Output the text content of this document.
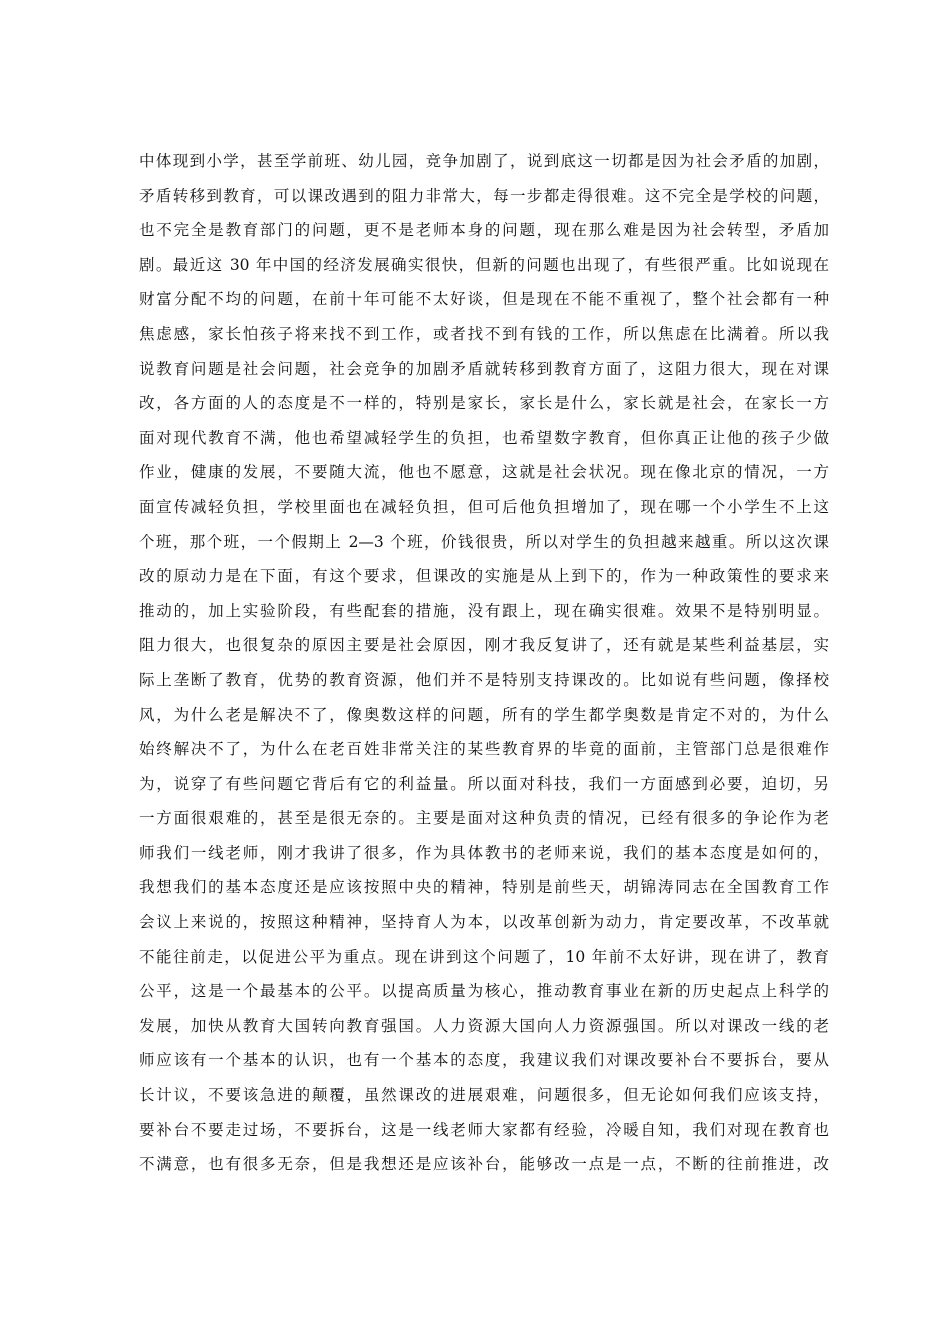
中体现到小学，甚至学前班、幼儿园，竞争加剧了，说到底这一切都是因为社会矛盾的加剧，
矛盾转移到教育，可以课改遇到的阻力非常大，每一步都走得很难。这不完全是学校的问题，
也不完全是教育部门的问题，更不是老师本身的问题，现在那么难是因为社会转型，矛盾加
剧。最近这 30 年中国的经济发展确实很快，但新的问题也出现了，有些很严重。比如说现在
财富分配不均的问题，在前十年可能不太好谈，但是现在不能不重视了，整个社会都有一种
焦虑感，家长怕孩子将来找不到工作，或者找不到有钱的工作，所以焦虑在比满着。所以我
说教育问题是社会问题，社会竞争的加剧矛盾就转移到教育方面了，这阻力很大，现在对课
改，各方面的人的态度是不一样的，特别是家长，家长是什么，家长就是社会，在家长一方
面对现代教育不满，他也希望减轻学生的负担，也希望数字教育，但你真正让他的孩子少做
作业，健康的发展，不要随大流，他也不愿意，这就是社会状况。现在像北京的情况，一方
面宣传减轻负担，学校里面也在减轻负担，但可后他负担增加了，现在哪一个小学生不上这
个班，那个班，一个假期上 2—3 个班，价钱很贵，所以对学生的负担越来越重。所以这次课
改的原动力是在下面，有这个要求，但课改的实施是从上到下的，作为一种政策性的要求来
推动的，加上实验阶段，有些配套的措施，没有跟上，现在确实很难。效果不是特别明显。
阻力很大，也很复杂的原因主要是社会原因，刚才我反复讲了，还有就是某些利益基层，实
际上垄断了教育，优势的教育资源，他们并不是特别支持课改的。比如说有些问题，像择校
风，为什么老是解决不了，像奥数这样的问题，所有的学生都学奥数是肯定不对的，为什么
始终解决不了，为什么在老百姓非常关注的某些教育界的毕竟的面前，主管部门总是很难作
为，说穿了有些问题它背后有它的利益量。所以面对科技，我们一方面感到必要，迫切，另
一方面很艰难的，甚至是很无奈的。主要是面对这种负责的情况，已经有很多的争论作为老
师我们一线老师，刚才我讲了很多，作为具体教书的老师来说，我们的基本态度是如何的，
我想我们的基本态度还是应该按照中央的精神，特别是前些天，胡锦涛同志在全国教育工作
会议上来说的，按照这种精神，坚持育人为本，以改革创新为动力，肯定要改革，不改革就
不能往前走，以促进公平为重点。现在讲到这个问题了，10 年前不太好讲，现在讲了，教育
公平，这是一个最基本的公平。以提高质量为核心，推动教育事业在新的历史起点上科学的
发展，加快从教育大国转向教育强国。人力资源大国向人力资源强国。所以对课改一线的老
师应该有一个基本的认识，也有一个基本的态度，我建议我们对课改要补台不要拆台，要从
长计议，不要该急进的颠覆，虽然课改的进展艰难，问题很多，但无论如何我们应该支持，
要补台不要走过场，不要拆台，这是一线老师大家都有经验，冷暖自知，我们对现在教育也
不满意，也有很多无奈，但是我想还是应该补台，能够改一点是一点，不断的往前推进，改
